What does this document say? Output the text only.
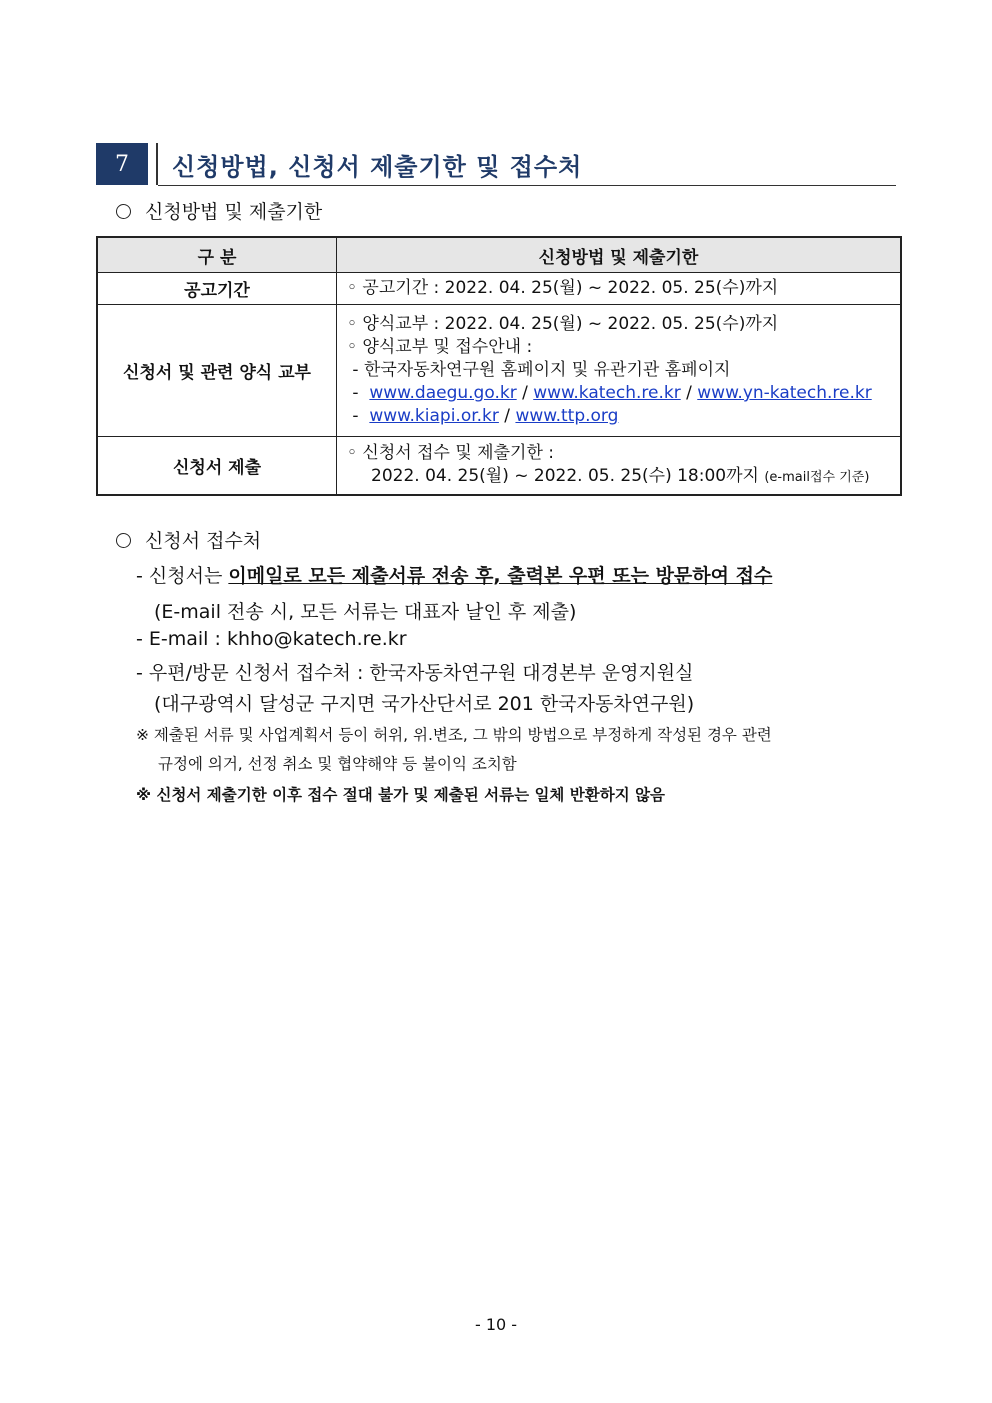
7	신청방법, 신청서 제출기한 및 접수처
신청방법 및 제출기한
구 분	신청방법 및 제출기한
공고기간	◦ 공고기간 : 2022. 04. 25(월) ~ 2022. 05. 25(수)까지

신청서 및 관련 양식 교부	◦ 양식교부 : 2022. 04. 25(월) ~ 2022. 05. 25(수)까지
◦ 양식교부 및 접수안내 :
- 한국자동차연구원 홈페이지 및 유관기관 홈페이지
- www.daegu.go.kr / www.katech.re.kr / www.yn-katech.re.kr
- www.kiapi.or.kr / www.ttp.org

신청서 제출	◦ 신청서 접수 및 제출기한 :
2022. 04. 25(월) ~ 2022. 05. 25(수) 18:00까지 (e-mail접수 기준)
신청서 접수처
- 신청서는 이메일로 모든 제출서류 전송 후, 출력본 우편 또는 방문하여 접수
(E-mail 전송 시, 모든 서류는 대표자 날인 후 제출)
- E-mail : khho@katech.re.kr
- 우편/방문 신청서 접수처 : 한국자동차연구원 대경본부 운영지원실
(대구광역시 달성군 구지면 국가산단서로 201 한국자동차연구원)
※ 제출된 서류 및 사업계획서 등이 허위, 위.변조, 그 밖의 방법으로 부정하게 작성된 경우 관련
규정에 의거, 선정 취소 및 협약해약 등 불이익 조치함
※ 신청서 제출기한 이후 접수 절대 불가 및 제출된 서류는 일체 반환하지 않음
- 10 -
